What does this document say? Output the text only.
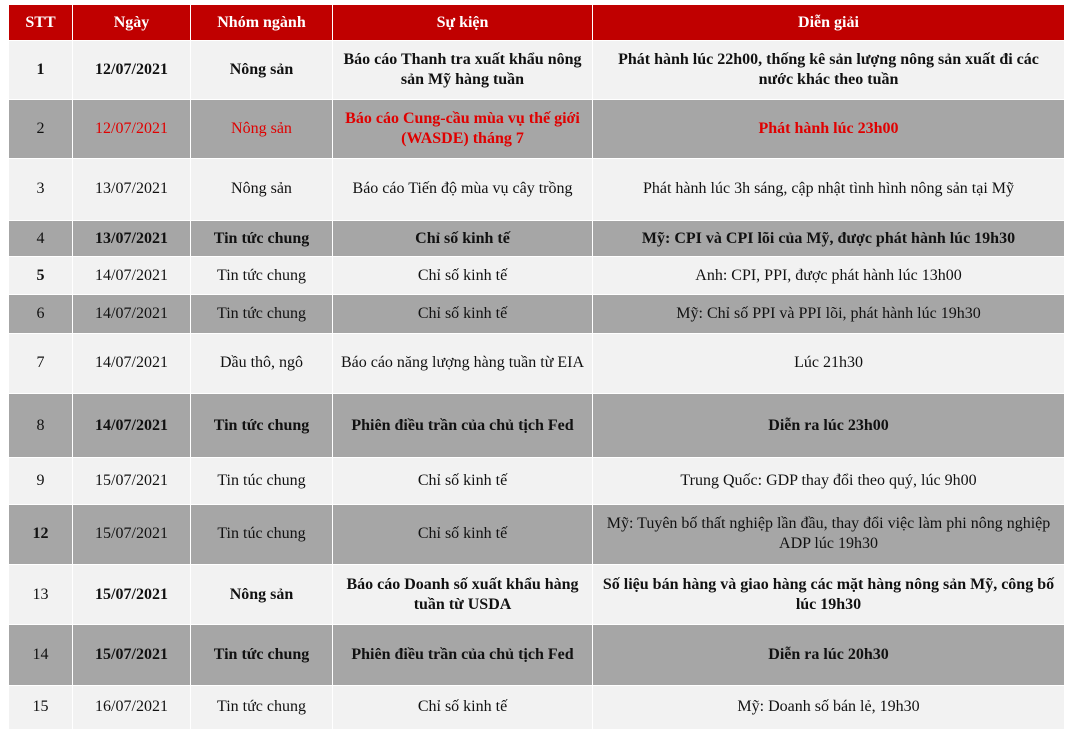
STT	Ngày	Nhóm ngành	Sự kiện	Diễn giải
1	12/07/2021	Nông sản	Báo cáo Thanh tra xuất khẩu nông sản Mỹ hàng tuần	Phát hành lúc 22h00, thống kê sản lượng nông sản xuất đi các nước khác theo tuần
2	12/07/2021	Nông sản	Báo cáo Cung-cầu mùa vụ thế giới (WASDE) tháng 7	Phát hành lúc 23h00
3	13/07/2021	Nông sản	Báo cáo Tiến độ mùa vụ cây trồng	Phát hành lúc 3h sáng, cập nhật tình hình nông sản tại Mỹ
4	13/07/2021	Tin tức chung	Chỉ số kinh tế	Mỹ: CPI và CPI lõi của Mỹ, được phát hành lúc 19h30
5	14/07/2021	Tin tức chung	Chỉ số kinh tế	Anh: CPI, PPI, được phát hành lúc 13h00
6	14/07/2021	Tin tức chung	Chỉ số kinh tế	Mỹ: Chỉ số PPI và PPI lõi, phát hành lúc 19h30
7	14/07/2021	Dầu thô, ngô	Báo cáo năng lượng hàng tuần từ EIA	Lúc 21h30
8	14/07/2021	Tin tức chung	Phiên điều trần của chủ tịch Fed	Diễn ra lúc 23h00
9	15/07/2021	Tin túc chung	Chỉ số kinh tế	Trung Quốc: GDP thay đổi theo quý, lúc 9h00
12	15/07/2021	Tin túc chung	Chỉ số kinh tế	Mỹ: Tuyên bố thất nghiệp lần đầu, thay đổi việc làm phi nông nghiệp ADP lúc 19h30
13	15/07/2021	Nông sản	Báo cáo Doanh số xuất khẩu hàng tuần từ USDA	Số liệu bán hàng và giao hàng các mặt hàng nông sản Mỹ, công bố lúc 19h30
14	15/07/2021	Tin tức chung	Phiên điều trần của chủ tịch Fed	Diễn ra lúc 20h30
15	16/07/2021	Tin tức chung	Chỉ số kinh tế	Mỹ: Doanh số bán lẻ, 19h30
